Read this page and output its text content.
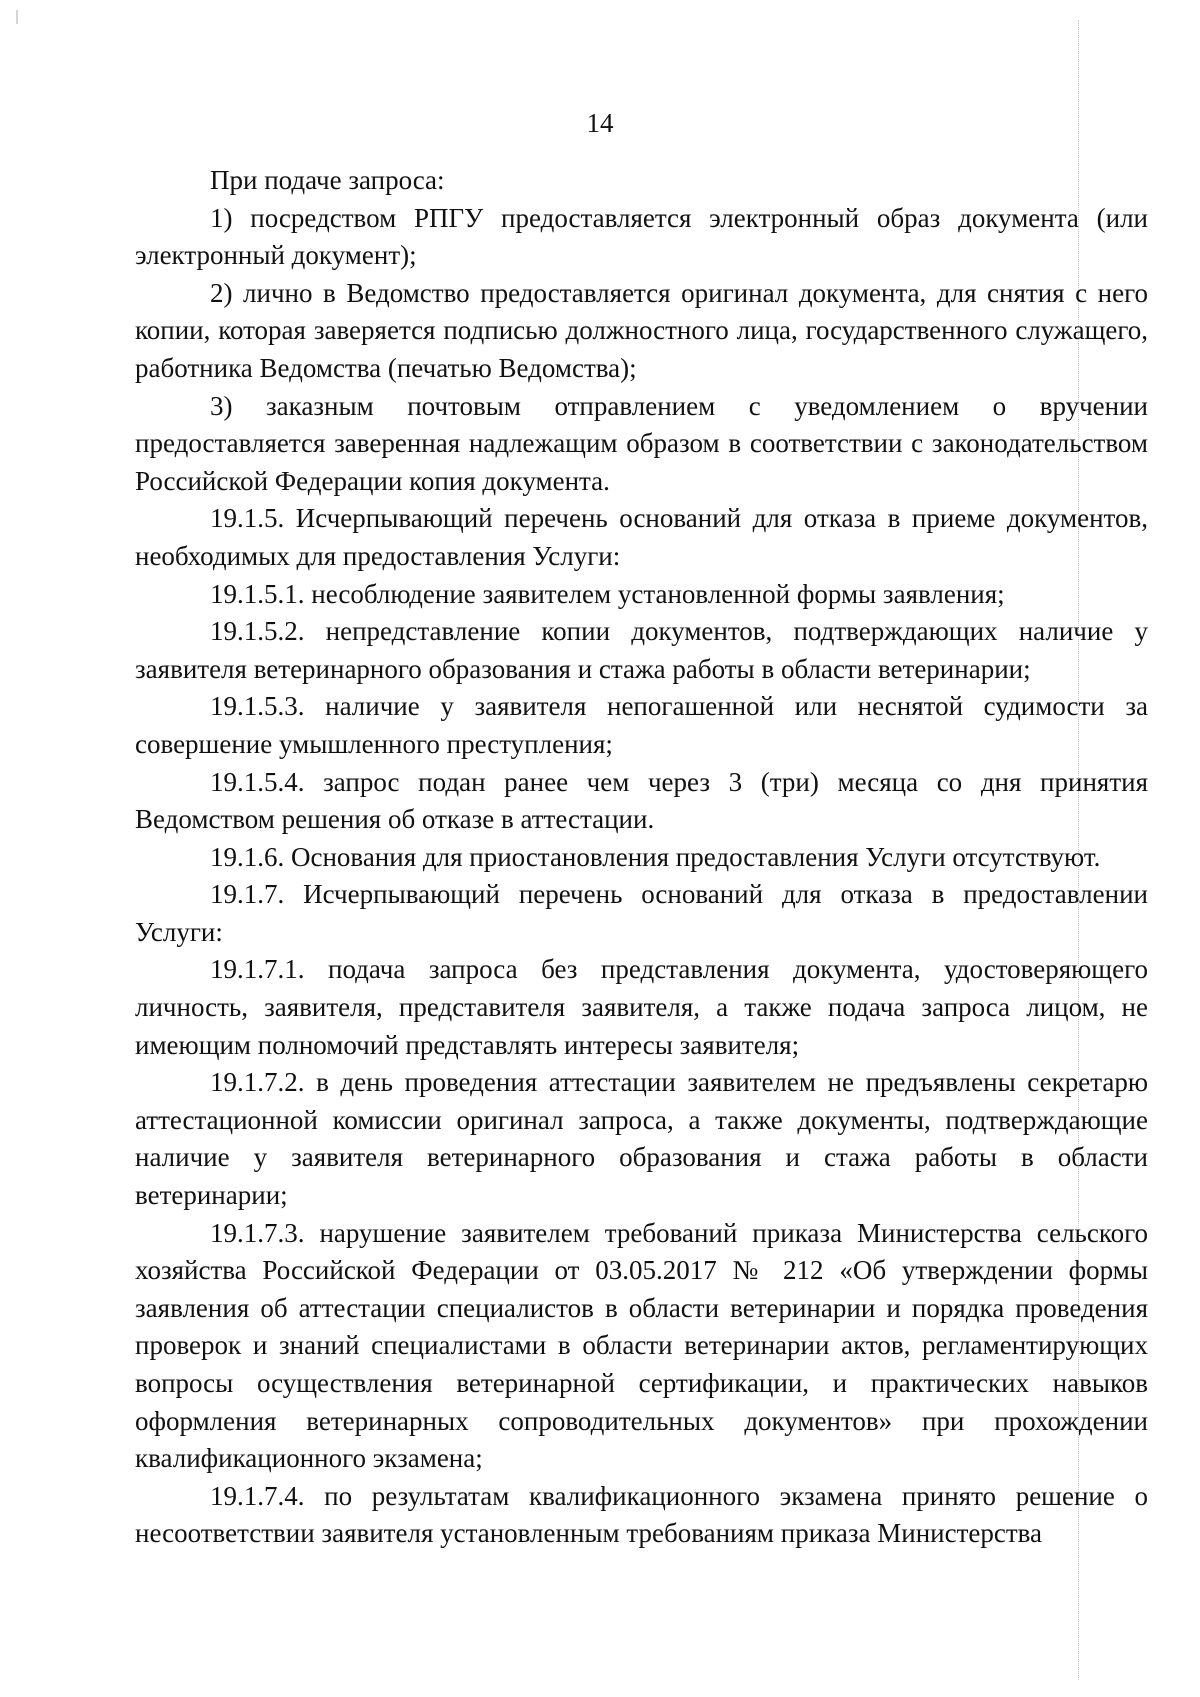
14

При подаче запроса:

1) посредством РПГУ предоставляется электронный образ документа (или электронный документ);

2) лично в Ведомство предоставляется оригинал документа, для снятия с него копии, которая заверяется подписью должностного лица, государственного служащего, работника Ведомства (печатью Ведомства);

3) заказным почтовым отправлением с уведомлением о вручении предоставляется заверенная надлежащим образом в соответствии с законодательством Российской Федерации копия документа.

19.1.5. Исчерпывающий перечень оснований для отказа в приеме документов, необходимых для предоставления Услуги:

19.1.5.1. несоблюдение заявителем установленной формы заявления;

19.1.5.2. непредставление копии документов, подтверждающих наличие у заявителя ветеринарного образования и стажа работы в области ветеринарии;

19.1.5.3. наличие у заявителя непогашенной или неснятой судимости за совершение умышленного преступления;

19.1.5.4. запрос подан ранее чем через 3 (три) месяца со дня принятия Ведомством решения об отказе в аттестации.

19.1.6. Основания для приостановления предоставления Услуги отсутствуют.

19.1.7. Исчерпывающий перечень оснований для отказа в предоставлении Услуги:

19.1.7.1. подача запроса без представления документа, удостоверяющего личность, заявителя, представителя заявителя, а также подача запроса лицом, не имеющим полномочий представлять интересы заявителя;

19.1.7.2. в день проведения аттестации заявителем не предъявлены секретарю аттестационной комиссии оригинал запроса, а также документы, подтверждающие наличие у заявителя ветеринарного образования и стажа работы в области ветеринарии;

19.1.7.3. нарушение заявителем требований приказа Министерства сельского хозяйства Российской Федерации от 03.05.2017 № 212 «Об утверждении формы заявления об аттестации специалистов в области ветеринарии и порядка проведения проверок и знаний специалистами в области ветеринарии актов, регламентирующих вопросы осуществления ветеринарной сертификации, и практических навыков оформления ветеринарных сопроводительных документов» при прохождении квалификационного экзамена;

19.1.7.4. по результатам квалификационного экзамена принято решение о несоответствии заявителя установленным требованиям приказа Министерства
